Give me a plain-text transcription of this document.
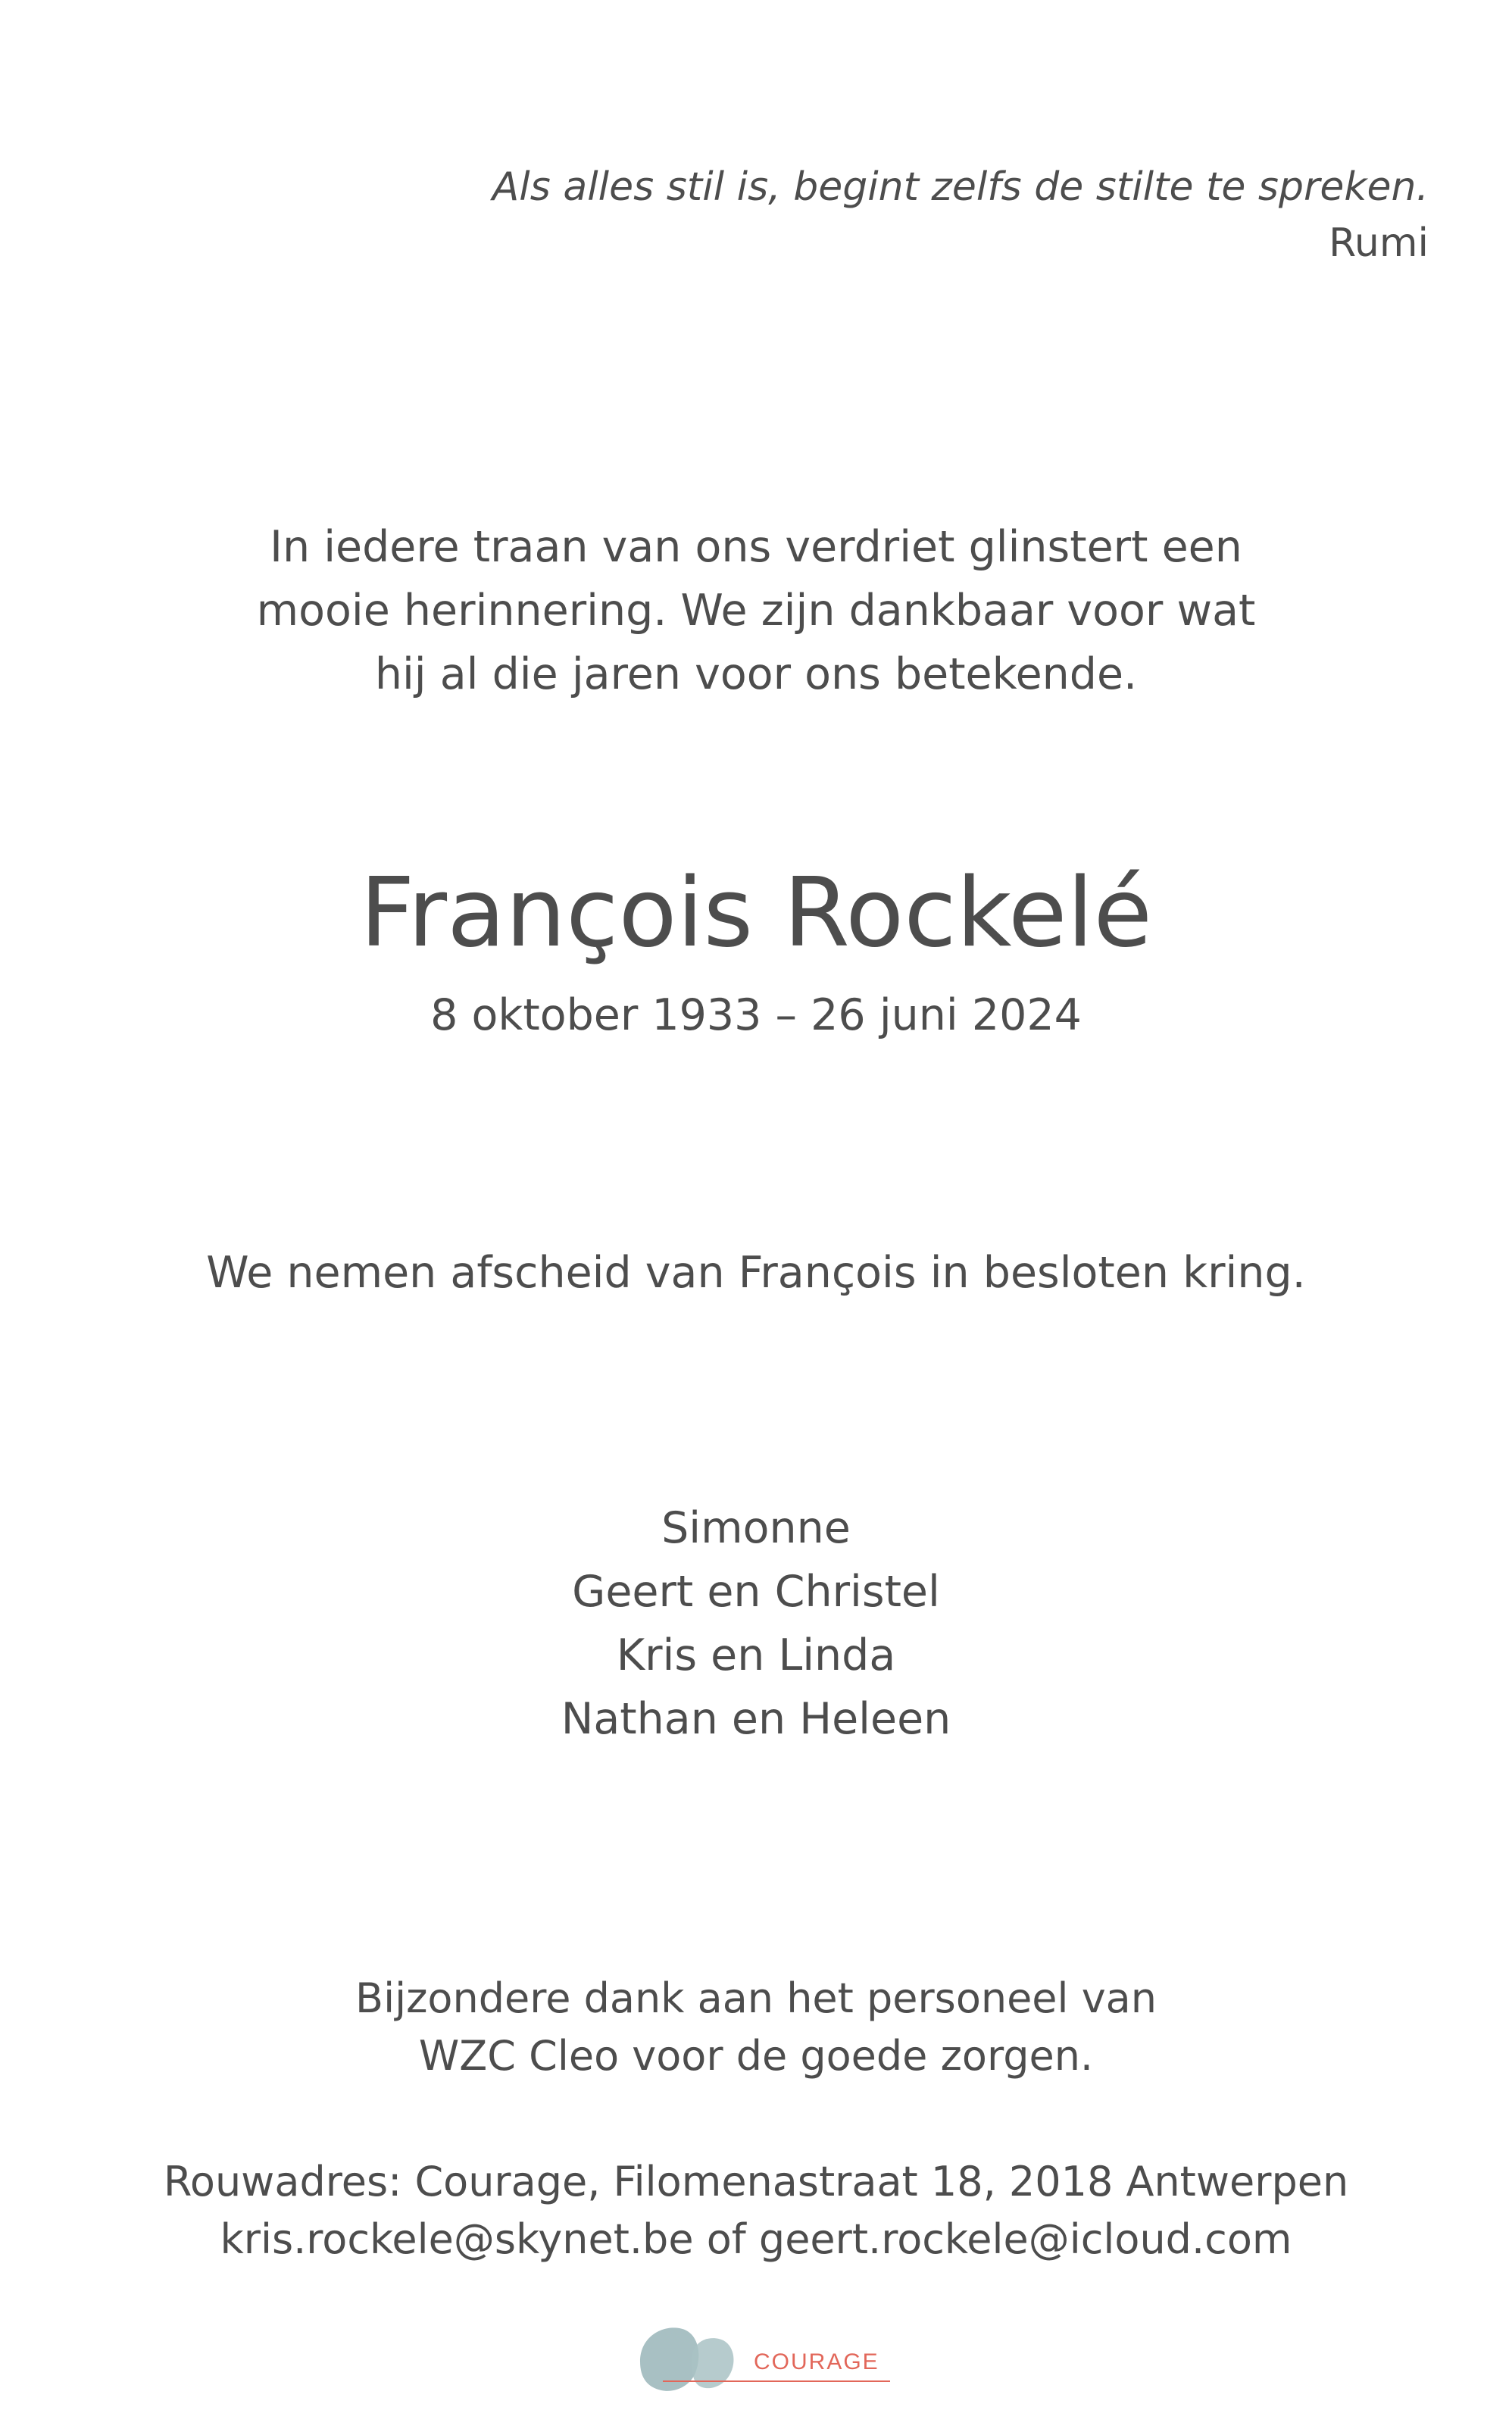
Als alles stil is, begint zelfs de stilte te spreken.
Rumi
In iedere traan van ons verdriet glinstert een
mooie herinnering. We zijn dankbaar voor wat
hij al die jaren voor ons betekende.
François Rockelé
8 oktober 1933 – 26 juni 2024
We nemen afscheid van François in besloten kring.
Simonne
Geert en Christel
Kris en Linda
Nathan en Heleen
Bijzondere dank aan het personeel van
WZC Cleo voor de goede zorgen.
Rouwadres: Courage, Filomenastraat 18, 2018 Antwerpen
kris.rockele@skynet.be of geert.rockele@icloud.com
COURAGE
